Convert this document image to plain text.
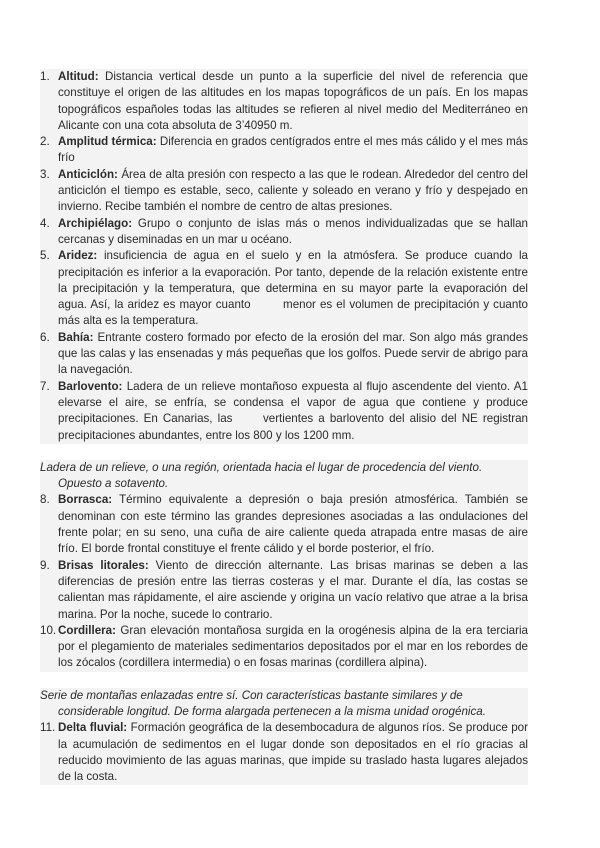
1. Altitud: Distancia vertical desde un punto a la superficie del nivel de referencia que constituye el origen de las altitudes en los mapas topográficos de un país. En los mapas topográficos españoles todas las altitudes se refieren al nivel medio del Mediterráneo en Alicante con una cota absoluta de 3’40950 m.
2. Amplitud térmica: Diferencia en grados centígrados entre el mes más cálido y el mes más frío
3. Anticiclón: Área de alta presión con respecto a las que le rodean. Alrededor del centro del anticiclón el tiempo es estable, seco, caliente y soleado en verano y frío y despejado en invierno. Recibe también el nombre de centro de altas presiones.
4. Archipiélago: Grupo o conjunto de islas más o menos individualizadas que se hallan cercanas y diseminadas en un mar u océano.
5. Aridez: insuficiencia de agua en el suelo y en la atmósfera. Se produce cuando la precipitación es inferior a la evaporación. Por tanto, depende de la relación existente entre la precipitación y la temperatura, que determina en su mayor parte la evaporación del agua. Así, la aridez es mayor cuanto        menor es el volumen de precipitación y cuanto más alta es la temperatura.
6. Bahía: Entrante costero formado por efecto de la erosión del mar. Son algo más grandes que las calas y las ensenadas y más pequeñas que los golfos. Puede servir de abrigo para la navegación.
7. Barlovento: Ladera de un relieve montañoso expuesta al flujo ascendente del viento. A1 elevarse el aire, se enfría, se condensa el vapor de agua que contiene y produce precipitaciones. En Canarias, las      vertientes a barlovento del alisio del NE registran precipitaciones abundantes, entre los 800 y los 1200 mm.
Ladera de un relieve, o una región, orientada hacia el lugar de procedencia del viento.
Opuesto a sotavento.
8. Borrasca: Término equivalente a depresión o baja presión atmosférica. También se denominan con este término las grandes depresiones asociadas a las ondulaciones del frente polar; en su seno, una cuña de aire caliente queda atrapada entre masas de aire frío. El borde frontal constituye el frente cálido y el borde posterior, el frío.
9. Brisas litorales: Viento de dirección alternante. Las brisas marinas se deben a las diferencias de presión entre las tierras costeras y el mar. Durante el día, las costas se calientan mas rápidamente, el aire asciende y origina un vacío relativo que atrae a la brisa marina. Por la noche, sucede lo contrario.
10. Cordillera: Gran elevación montañosa surgida en la orogénesis alpina de la era terciaria por el plegamiento de materiales sedimentarios depositados por el mar en los rebordes de los zócalos (cordillera intermedia) o en fosas marinas (cordillera alpina).
Serie de montañas enlazadas entre sí. Con características bastante similares y de
considerable longitud. De forma alargada pertenecen a la misma unidad orogénica.
11. Delta fluvial: Formación geográfica de la desembocadura de algunos ríos. Se produce por la acumulación de sedimentos en el lugar donde son depositados en el río gracias al reducido movimiento de las aguas marinas, que impide su traslado hasta lugares alejados de la costa.
